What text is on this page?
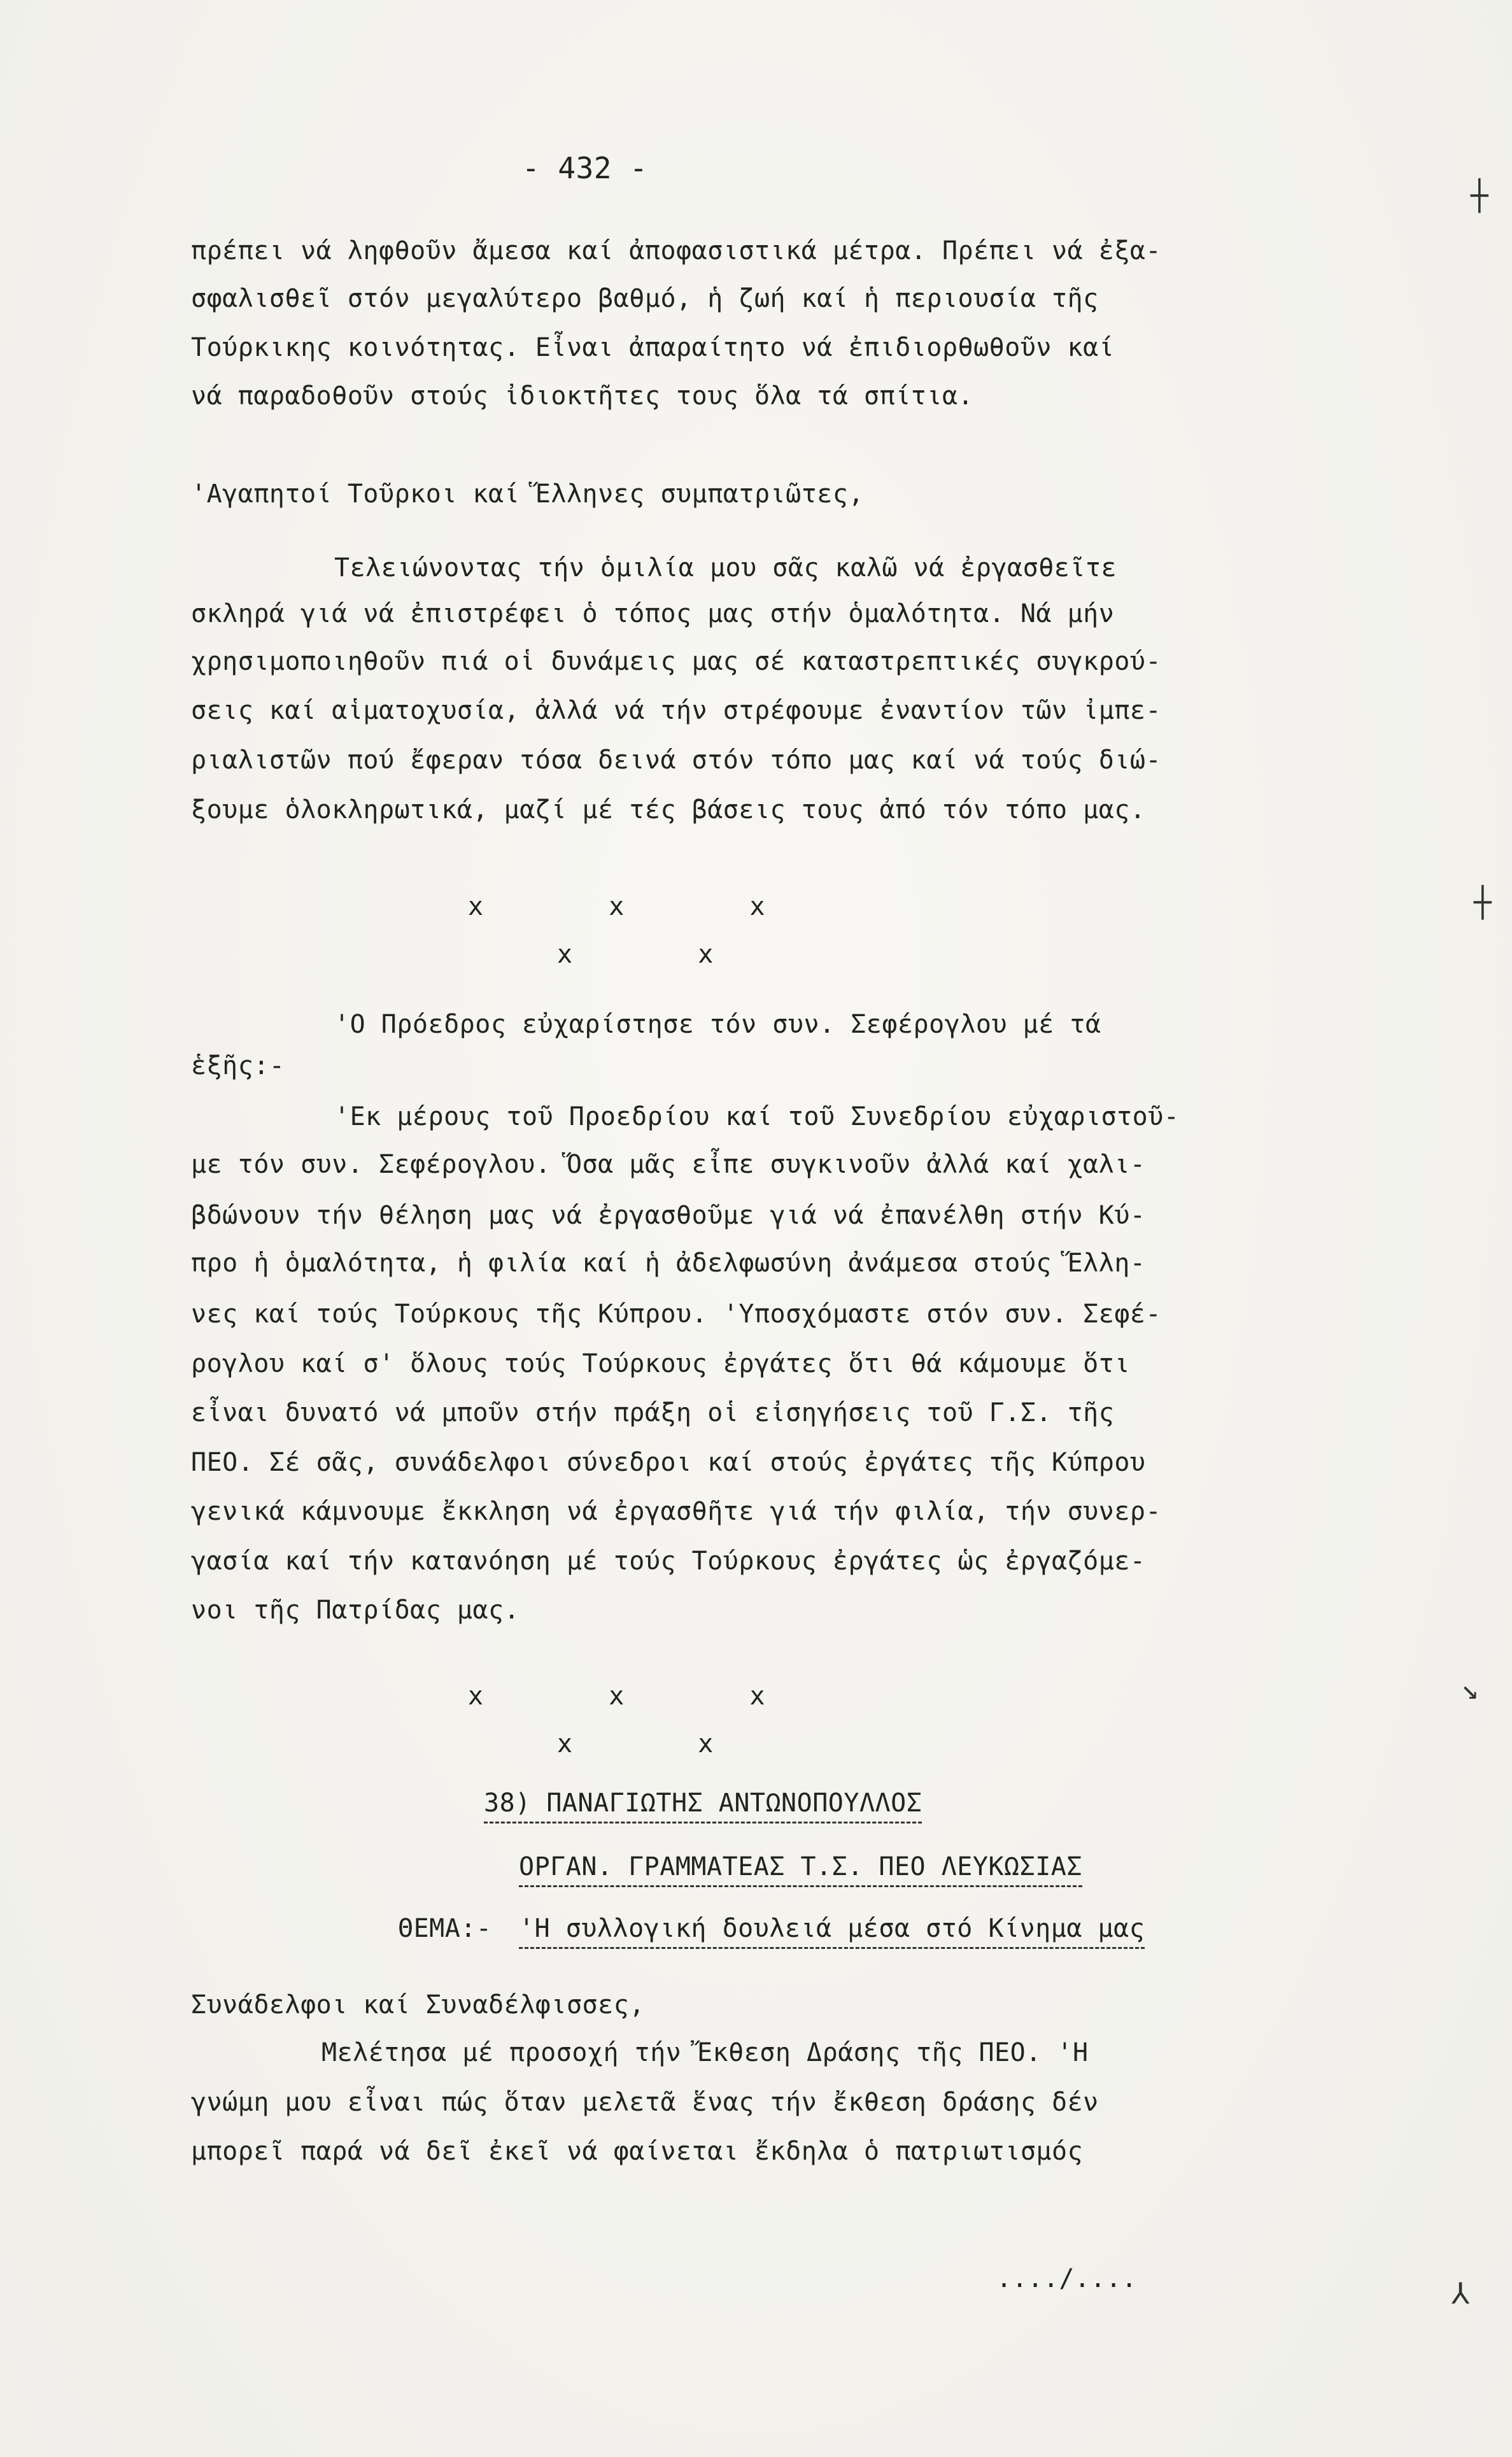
- 432 -
πρέπει νά ληφθοῦν ἄμεσα καί ἀποφασιστικά μέτρα. Πρέπει νά ἐξα-
σφαλισθεῖ στόν μεγαλύτερο βαθμό, ἡ ζωή καί ἡ περιουσία τῆς
Τούρκικης κοινότητας. Εἶναι ἀπαραίτητο νά ἐπιδιορθωθοῦν καί
νά παραδοθοῦν στούς ἰδιοκτῆτες τους ὅλα τά σπίτια.
'Αγαπητοί Τοῦρκοι καί Ἕλληνες συμπατριῶτες,
Τελειώνοντας τήν ὁμιλία μου σᾶς καλῶ νά ἐργασθεῖτε
σκληρά γιά νά ἐπιστρέφει ὁ τόπος μας στήν ὁμαλότητα. Νά μήν
χρησιμοποιηθοῦν πιά οἱ δυνάμεις μας σέ καταστρεπτικές συγκρού-
σεις καί αἱματοχυσία, ἀλλά νά τήν στρέφουμε ἐναντίον τῶν ἰμπε-
ριαλιστῶν πού ἔφεραν τόσα δεινά στόν τόπο μας καί νά τούς διώ-
ξουμε ὁλοκληρωτικά, μαζί μέ τές βάσεις τους ἀπό τόν τόπο μας.
x        x        x
x        x
'Ο Πρόεδρος εὐχαρίστησε τόν συν. Σεφέρογλου μέ τά
ἑξῆς:-
'Εκ μέρους τοῦ Προεδρίου καί τοῦ Συνεδρίου εὐχαριστοῦ-
με τόν συν. Σεφέρογλου. Ὅσα μᾶς εἶπε συγκινοῦν ἀλλά καί χαλι-
βδώνουν τήν θέληση μας νά ἐργασθοῦμε γιά νά ἐπανέλθη στήν Κύ-
προ ἡ ὁμαλότητα, ἡ φιλία καί ἡ ἀδελφωσύνη ἀνάμεσα στούς Ἕλλη-
νες καί τούς Τούρκους τῆς Κύπρου. 'Υποσχόμαστε στόν συν. Σεφέ-
ρογλου καί σ' ὅλους τούς Τούρκους ἐργάτες ὅτι θά κάμουμε ὅτι
εἶναι δυνατό νά μποῦν στήν πράξη οἱ εἰσηγήσεις τοῦ Γ.Σ. τῆς
ΠΕΟ. Σέ σᾶς, συνάδελφοι σύνεδροι καί στούς ἐργάτες τῆς Κύπρου
γενικά κάμνουμε ἔκκληση νά ἐργασθῆτε γιά τήν φιλία, τήν συνερ-
γασία καί τήν κατανόηση μέ τούς Τούρκους ἐργάτες ὡς ἐργαζόμε-
νοι τῆς Πατρίδας μας.
x        x        x
x        x
38) ΠΑΝΑΓΙΩΤΗΣ ΑΝΤΩΝΟΠΟΥΛΛΟΣ
ΟΡΓΑΝ. ΓΡΑΜΜΑΤΕΑΣ Τ.Σ. ΠΕΟ ΛΕΥΚΩΣΙΑΣ
ΘΕΜΑ:- 'Η συλλογική δουλειά μέσα στό Κίνημα μας
Συνάδελφοι καί Συναδέλφισσες,
Μελέτησα μέ προσοχή τήν Ἔκθεση Δράσης τῆς ΠΕΟ. 'Η
γνώμη μου εἶναι πώς ὅταν μελετᾶ ἕνας τήν ἔκθεση δράσης δέν
μπορεῖ παρά νά δεῖ ἐκεῖ νά φαίνεται ἔκδηλα ὁ πατριωτισμός
..../....
┼
┼
↘
⅄
